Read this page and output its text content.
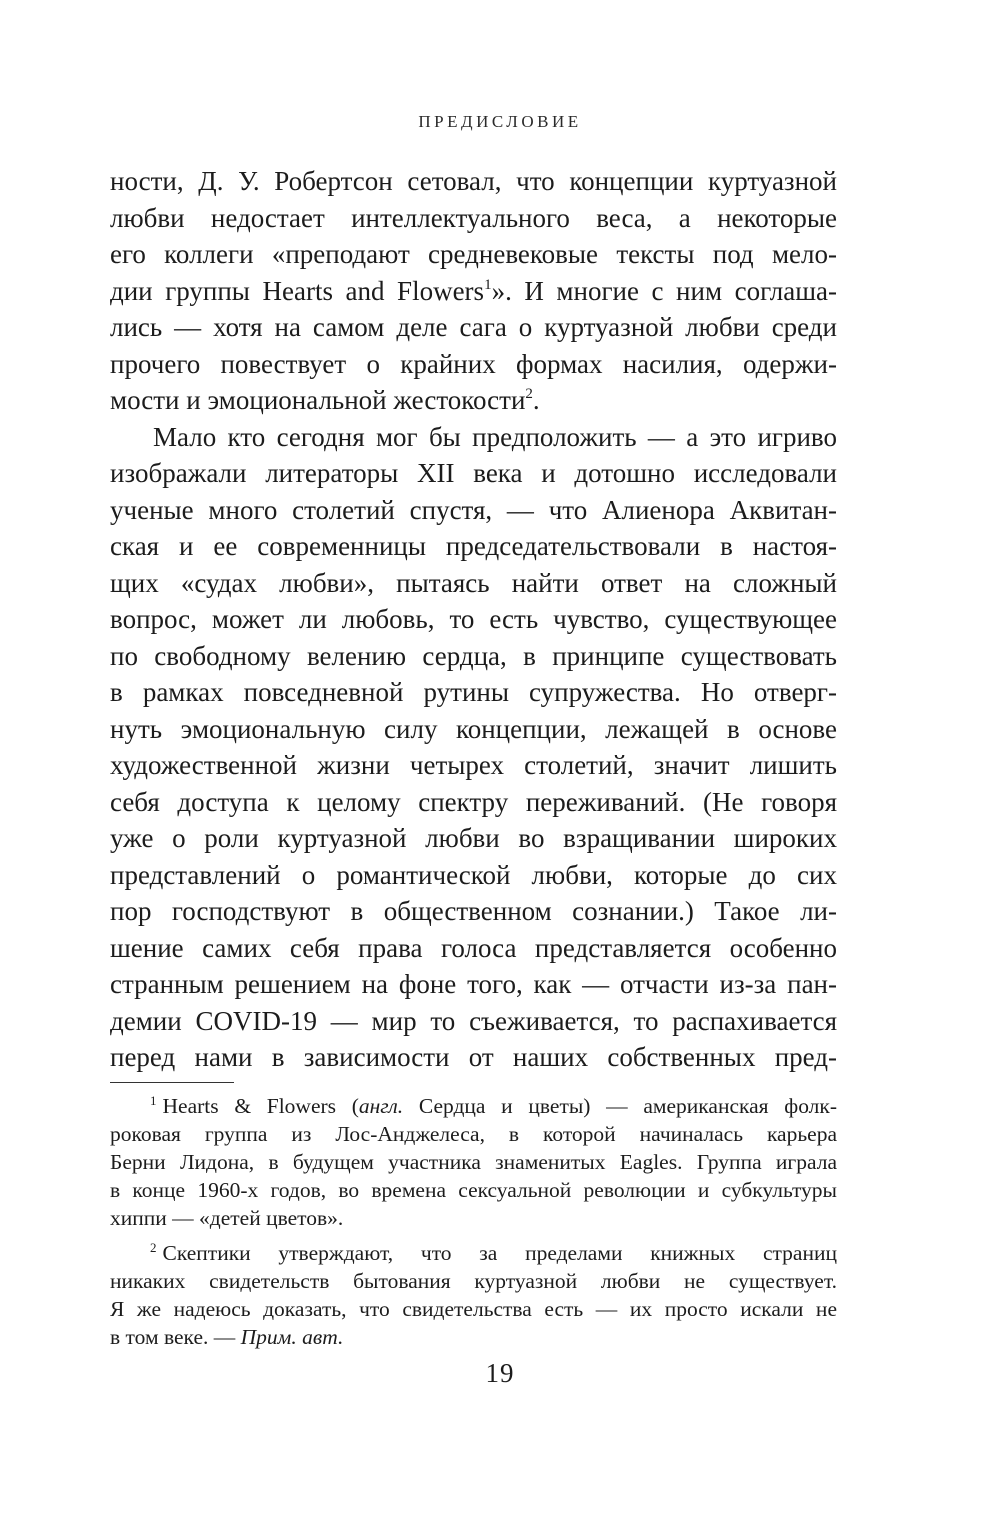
ПРЕДИСЛОВИЕ
ности, Д. У. Робертсон сетовал, что концепции куртуазной
любви недостает интеллектуального веса, а некоторые
его коллеги «преподают средневековые тексты под мело-
дии группы Hearts and Flowers$^1$». И многие с ним соглаша-
лись — хотя на самом деле сага о куртуазной любви среди
прочего повествует о крайних формах насилия, одержи-
мости и эмоциональной жестокости$^2$.
Мало кто сегодня мог бы предположить — а это игриво
изображали литераторы XII века и дотошно исследовали
ученые много столетий спустя, — что Алиенора Аквитан-
ская и ее современницы председательствовали в настоя-
щих «судах любви», пытаясь найти ответ на сложный
вопрос, может ли любовь, то есть чувство, существующее
по свободному велению сердца, в принципе существовать
в рамках повседневной рутины супружества. Но отверг-
нуть эмоциональную силу концепции, лежащей в основе
художественной жизни четырех столетий, значит лишить
себя доступа к целому спектру переживаний. (Не говоря
уже о роли куртуазной любви во взращивании широких
представлений о романтической любви, которые до сих
пор господствуют в общественном сознании.) Такое ли-
шение самих себя права голоса представляется особенно
странным решением на фоне того, как — отчасти из-за пан-
демии COVID-19 — мир то съеживается, то распахивается
перед нами в зависимости от наших собственных пред-
$^1$ Hearts & Flowers (англ. Сердца и цветы) — американская фолк-
роковая группа из Лос-Анджелеса, в которой начиналась карьера
Берни Лидона, в будущем участника знаменитых Eagles. Группа играла
в конце 1960-х годов, во времена сексуальной революции и субкультуры
хиппи — «детей цветов».
$^2$ Скептики утверждают, что за пределами книжных страниц
никаких свидетельств бытования куртуазной любви не существует.
Я же надеюсь доказать, что свидетельства есть — их просто искали не
в том веке. — Прим. авт.
19
